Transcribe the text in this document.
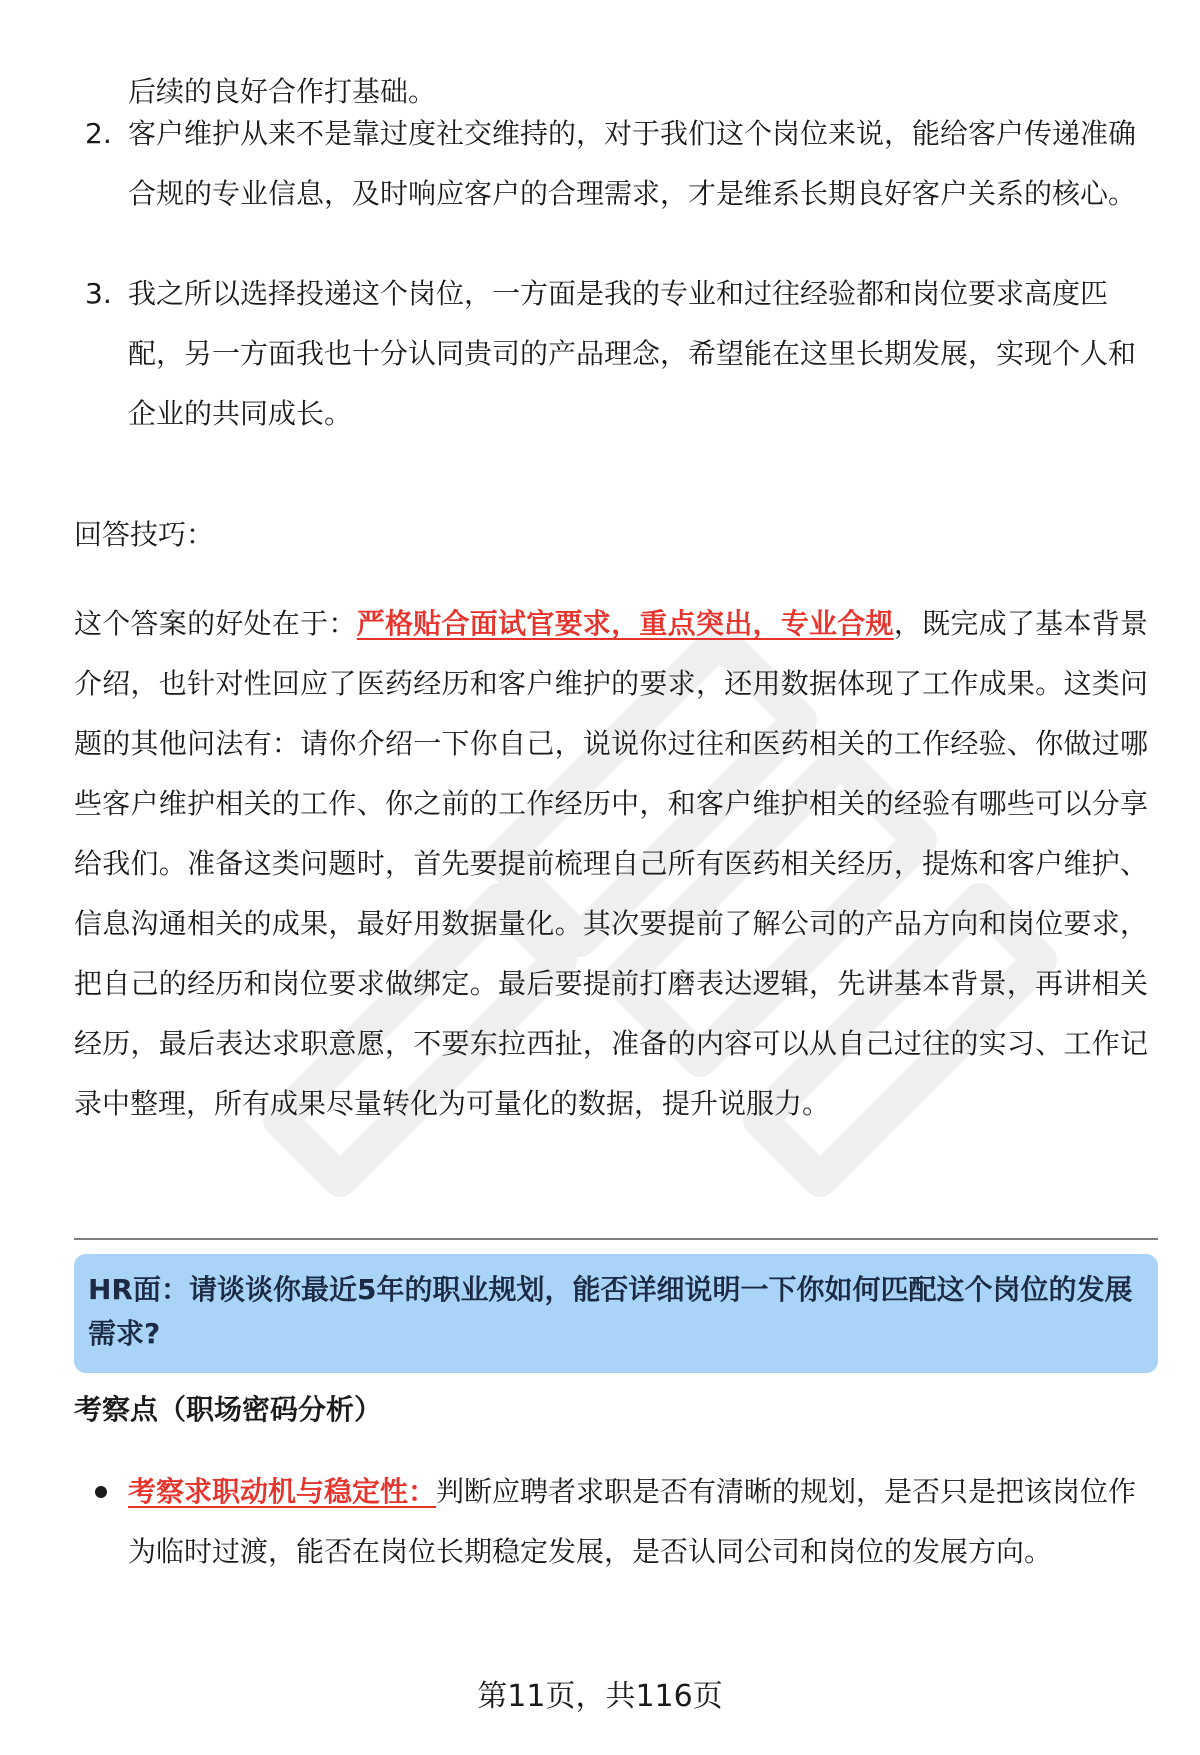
后续的良好合作打基础。
2. 客户维护从来不是靠过度社交维持的，对于我们这个岗位来说，能给客户传递准确合规的专业信息，及时响应客户的合理需求，才是维系长期良好客户关系的核心。
3. 我之所以选择投递这个岗位，一方面是我的专业和过往经验都和岗位要求高度匹配，另一方面我也十分认同贵司的产品理念，希望能在这里长期发展，实现个人和企业的共同成长。
回答技巧：
这个答案的好处在于：严格贴合面试官要求，重点突出，专业合规，既完成了基本背景介绍，也针对性回应了医药经历和客户维护的要求，还用数据体现了工作成果。这类问题的其他问法有：请你介绍一下你自己，说说你过往和医药相关的工作经验、你做过哪些客户维护相关的工作、你之前的工作经历中，和客户维护相关的经验有哪些可以分享给我们。准备这类问题时，首先要提前梳理自己所有医药相关经历，提炼和客户维护、信息沟通相关的成果，最好用数据量化。其次要提前了解公司的产品方向和岗位要求，把自己的经历和岗位要求做绑定。最后要提前打磨表达逻辑，先讲基本背景，再讲相关经历，最后表达求职意愿，不要东拉西扯，准备的内容可以从自己过往的实习、工作记录中整理，所有成果尽量转化为可量化的数据，提升说服力。
HR面：请谈谈你最近5年的职业规划，能否详细说明一下你如何匹配这个岗位的发展需求?
考察点（职场密码分析）
考察求职动机与稳定性：判断应聘者求职是否有清晰的规划，是否只是把该岗位作为临时过渡，能否在岗位长期稳定发展，是否认同公司和岗位的发展方向。
第11页，共116页
